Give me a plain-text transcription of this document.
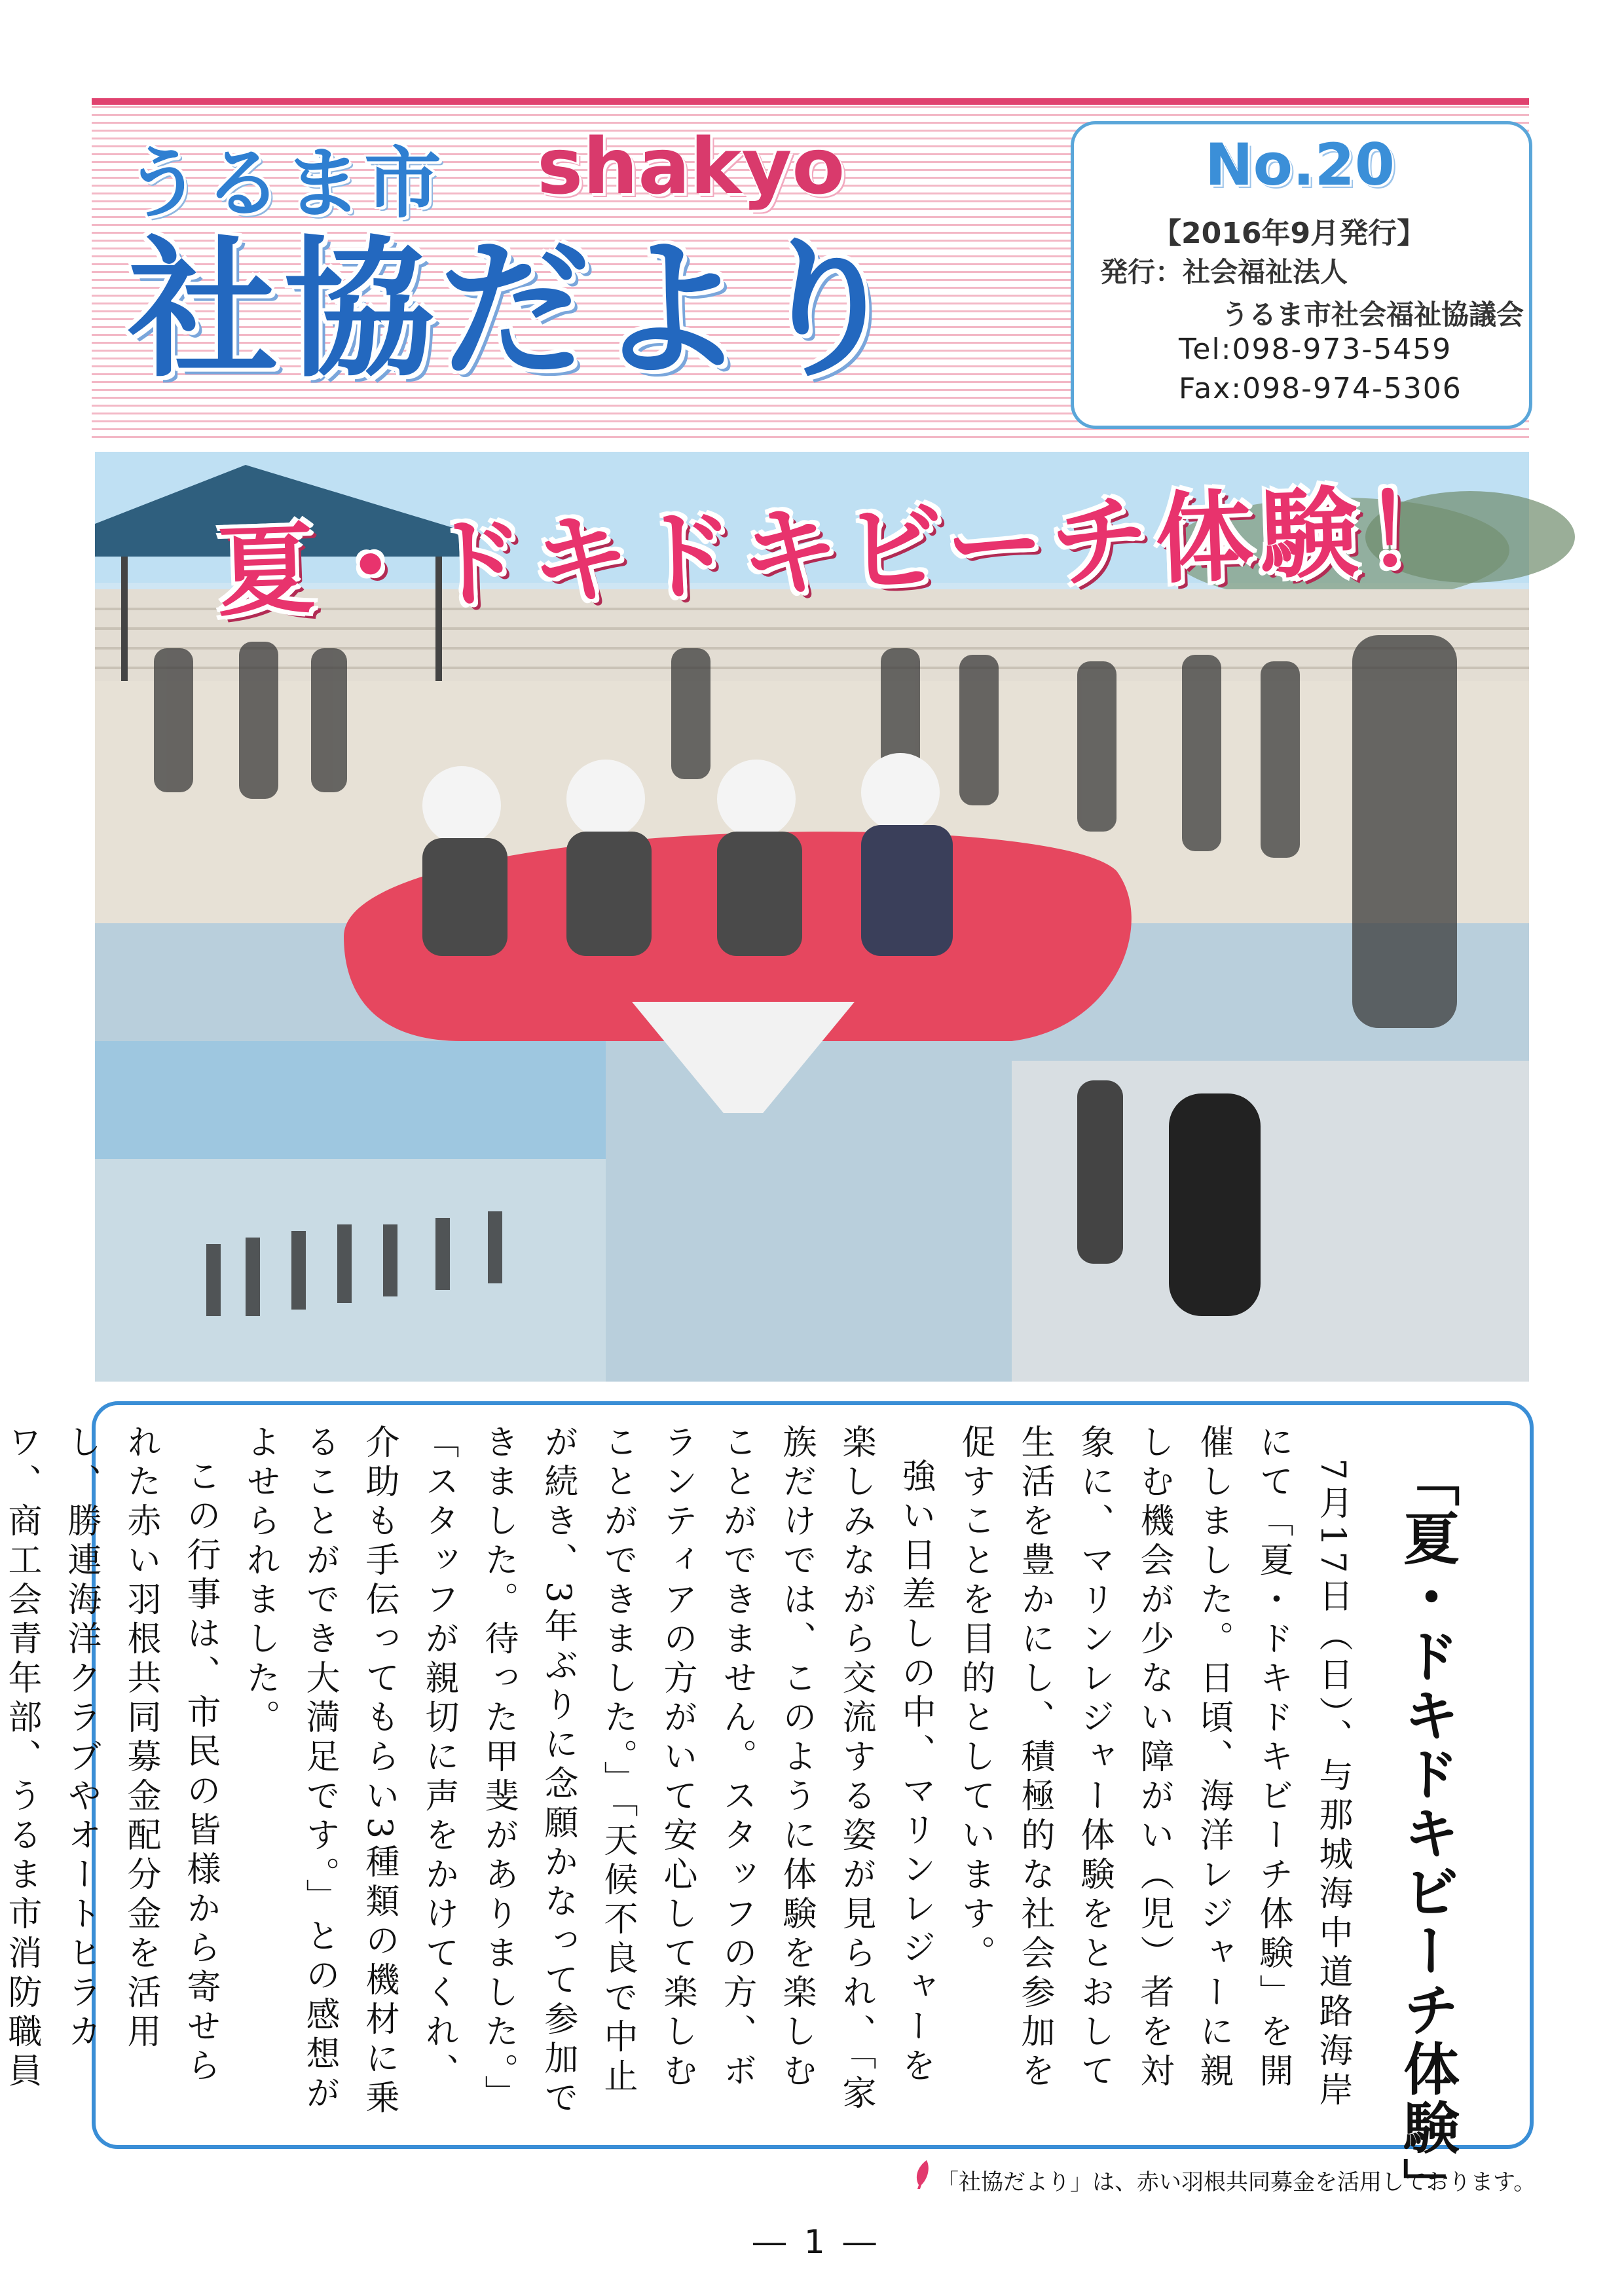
うるま市 shakyo
社協だより
No.20
【2016年9月発行】
発行：社会福祉法人
うるま市社会福祉協議会
Tel:098-973-5459
Fax:098-974-5306
夏・ドキドキビーチ体験！
「夏・ドキドキビーチ体験」

7月17日（日）、与那城海中道路海岸にて「夏・ドキドキビーチ体験」を開催しました。日頃、海洋レジャーに親しむ機会が少ない障がい（児）者を対象に、マリンレジャー体験をとおして生活を豊かにし、積極的な社会参加を促すことを目的としています。

強い日差しの中、マリンレジャーを楽しみながら交流する姿が見られ、「家族だけでは、このように体験を楽しむことができません。スタッフの方、ボランティアの方がいて安心して楽しむことができました。」「天候不良で中止が続き、3年ぶりに念願かなって参加できました。待った甲斐がありました。」「スタッフが親切に声をかけてくれ、介助も手伝ってもらい3種類の機材に乗ることができ大満足です。」との感想がよせられました。

この行事は、市民の皆様から寄せられた赤い羽根共同募金配分金を活用し、勝連海洋クラブやオートヒラカワ、商工会青年部、うるま市消防職員

「社協だより」は、赤い羽根共同募金を活用しております。
― 1 ―
